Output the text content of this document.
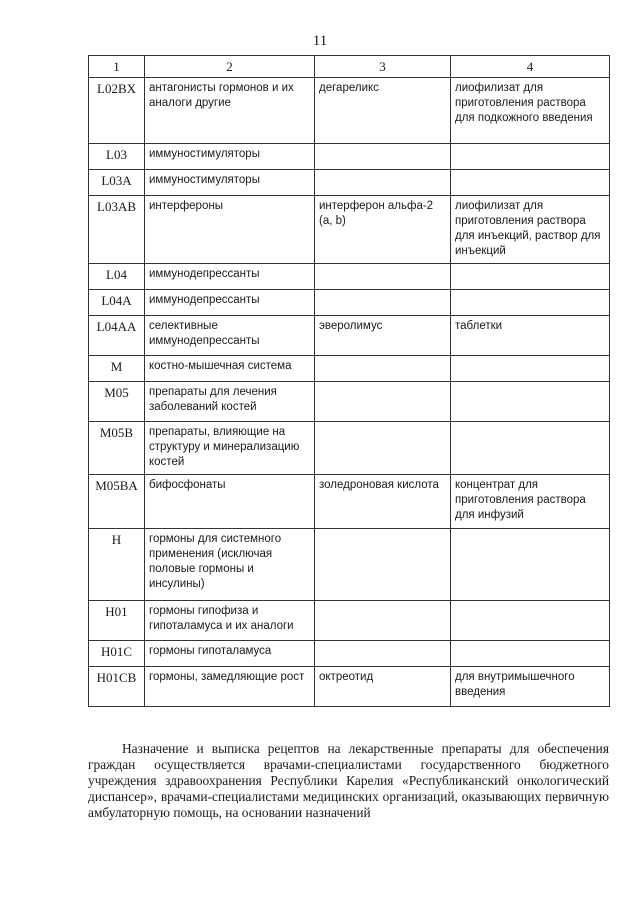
11
1	2	3	4
L02BX	антагонисты гормонов и их аналоги другие	дегареликс	лиофилизат для приготовления раствора для подкожного введения
L03	иммуностимуляторы		
L03A	иммуностимуляторы		
L03AB	интерфероны	интерферон альфа-2 (a, b)	лиофилизат для приготовления раствора для инъекций, раствор для инъекций
L04	иммунодепрессанты		
L04A	иммунодепрессанты		
L04AA	селективные иммунодепрессанты	эверолимус	таблетки
M	костно-мышечная система		
M05	препараты для лечения заболеваний костей		
M05B	препараты, влияющие на структуру и минерализацию костей		
M05BA	бифосфонаты	золедроновая кислота	концентрат для приготовления раствора для инфузий
H	гормоны для системного применения (исключая половые гормоны и инсулины)		
H01	гормоны гипофиза и гипоталамуса и их аналоги		
H01C	гормоны гипоталамуса		
H01CB	гормоны, замедляющие рост	октреотид	для внутримышечного введения

Назначение и выписка рецептов на лекарственные препараты для обеспечения граждан осуществляется врачами-специалистами государственного бюджетного учреждения здравоохранения Республики Карелия «Республиканский онкологический диспансер», врачами-специалистами медицинских организаций, оказывающих первичную амбулаторную помощь, на основании назначений
